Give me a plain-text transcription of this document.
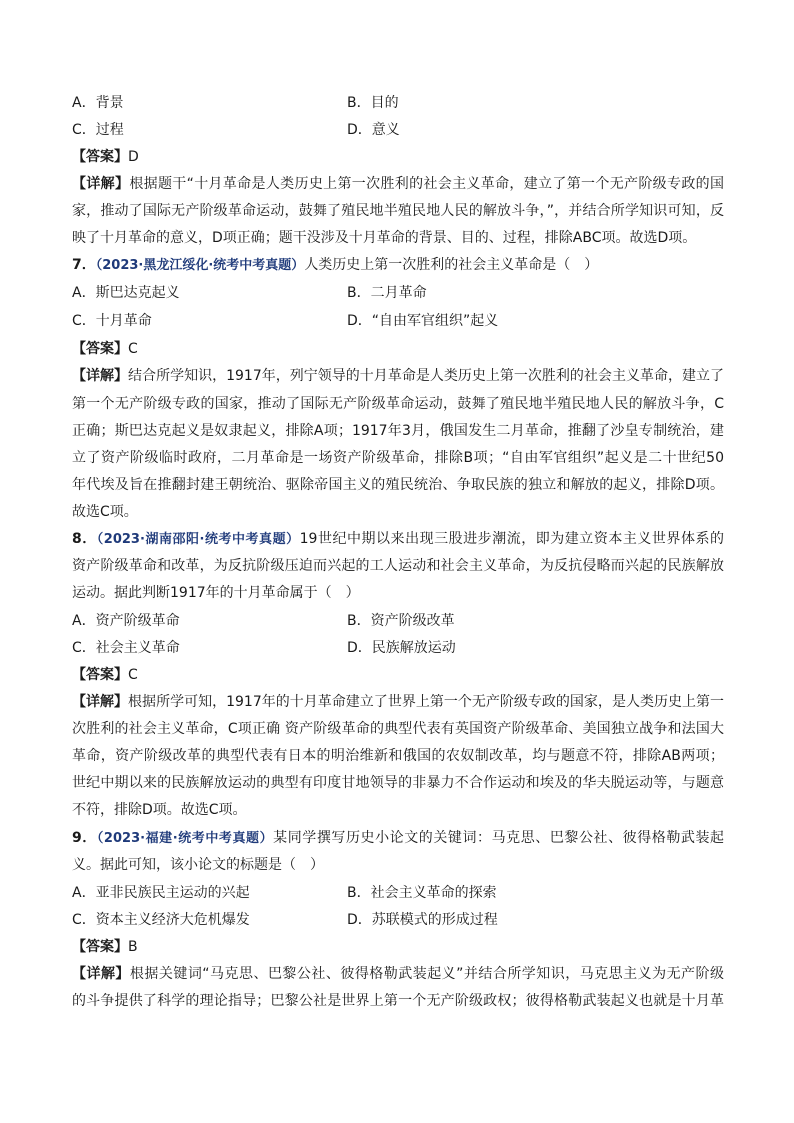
A．背景	B．目的
C．过程	D．意义
【答案】D
【详解】根据题干“十月革命是人类历史上第一次胜利的社会主义革命，建立了第一个无产阶级专政的国
家，推动了国际无产阶级革命运动，鼓舞了殖民地半殖民地人民的解放斗争，”，并结合所学知识可知，反
映了十月革命的意义，D项正确；题干没涉及十月革命的背景、目的、过程，排除ABC项。故选D项。
7．（2023·黑龙江绥化·统考中考真题）人类历史上第一次胜利的社会主义革命是（　）
A．斯巴达克起义	B．二月革命
C．十月革命	D．“自由军官组织”起义
【答案】C
【详解】结合所学知识，1917年，列宁领导的十月革命是人类历史上第一次胜利的社会主义革命，建立了
第一个无产阶级专政的国家，推动了国际无产阶级革命运动，鼓舞了殖民地半殖民地人民的解放斗争，C
正确；斯巴达克起义是奴隶起义，排除A项；1917年3月，俄国发生二月革命，推翻了沙皇专制统治，建
立了资产阶级临时政府，二月革命是一场资产阶级革命，排除B项；“自由军官组织”起义是二十世纪50
年代埃及旨在推翻封建王朝统治、驱除帝国主义的殖民统治、争取民族的独立和解放的起义，排除D项。
故选C项。
8．（2023·湖南邵阳·统考中考真题）19世纪中期以来出现三股进步潮流，即为建立资本主义世界体系的
资产阶级革命和改革，为反抗阶级压迫而兴起的工人运动和社会主义革命，为反抗侵略而兴起的民族解放
运动。据此判断1917年的十月革命属于（　）
A．资产阶级革命	B．资产阶级改革
C．社会主义革命	D．民族解放运动
【答案】C
【详解】根据所学可知，1917年的十月革命建立了世界上第一个无产阶级专政的国家，是人类历史上第一
次胜利的社会主义革命，C项正确 资产阶级革命的典型代表有英国资产阶级革命、美国独立战争和法国大
革命，资产阶级改革的典型代表有日本的明治维新和俄国的农奴制改革，均与题意不符，排除AB两项；
世纪中期以来的民族解放运动的典型有印度甘地领导的非暴力不合作运动和埃及的华夫脱运动等，与题意
不符，排除D项。故选C项。
9．（2023·福建·统考中考真题）某同学撰写历史小论文的关键词：马克思、巴黎公社、彼得格勒武装起
义。据此可知，该小论文的标题是（　）
A．亚非民族民主运动的兴起	B．社会主义革命的探索
C．资本主义经济大危机爆发	D．苏联模式的形成过程
【答案】B
【详解】根据关键词“马克思、巴黎公社、彼得格勒武装起义”并结合所学知识，马克思主义为无产阶级
的斗争提供了科学的理论指导；巴黎公社是世界上第一个无产阶级政权；彼得格勒武装起义也就是十月革
